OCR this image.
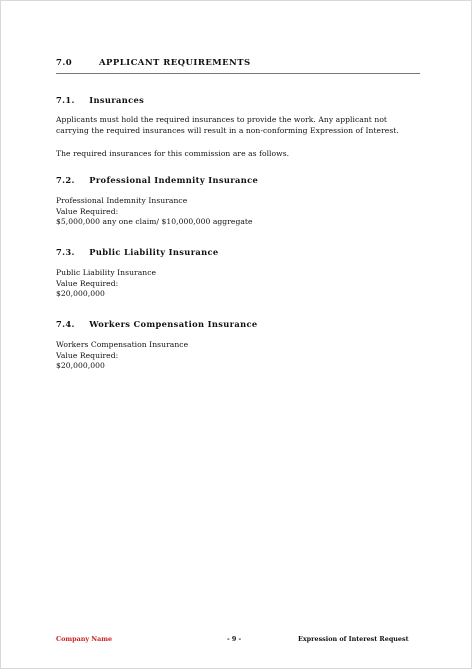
7.0	APPLICANT REQUIREMENTS
7.1. Insurances
Applicants must hold the required insurances to provide the work. Any applicant not
carrying the required insurances will result in a non-conforming Expression of Interest.
The required insurances for this commission are as follows.
7.2. Professional Indemnity Insurance
Professional Indemnity Insurance
Value Required:
$5,000,000 any one claim/ $10,000,000 aggregate
7.3. Public Liability Insurance
Public Liability Insurance
Value Required:
$20,000,000
7.4. Workers Compensation Insurance
Workers Compensation Insurance
Value Required:
$20,000,000
Company Name	- 9 -	Expression of Interest Request
